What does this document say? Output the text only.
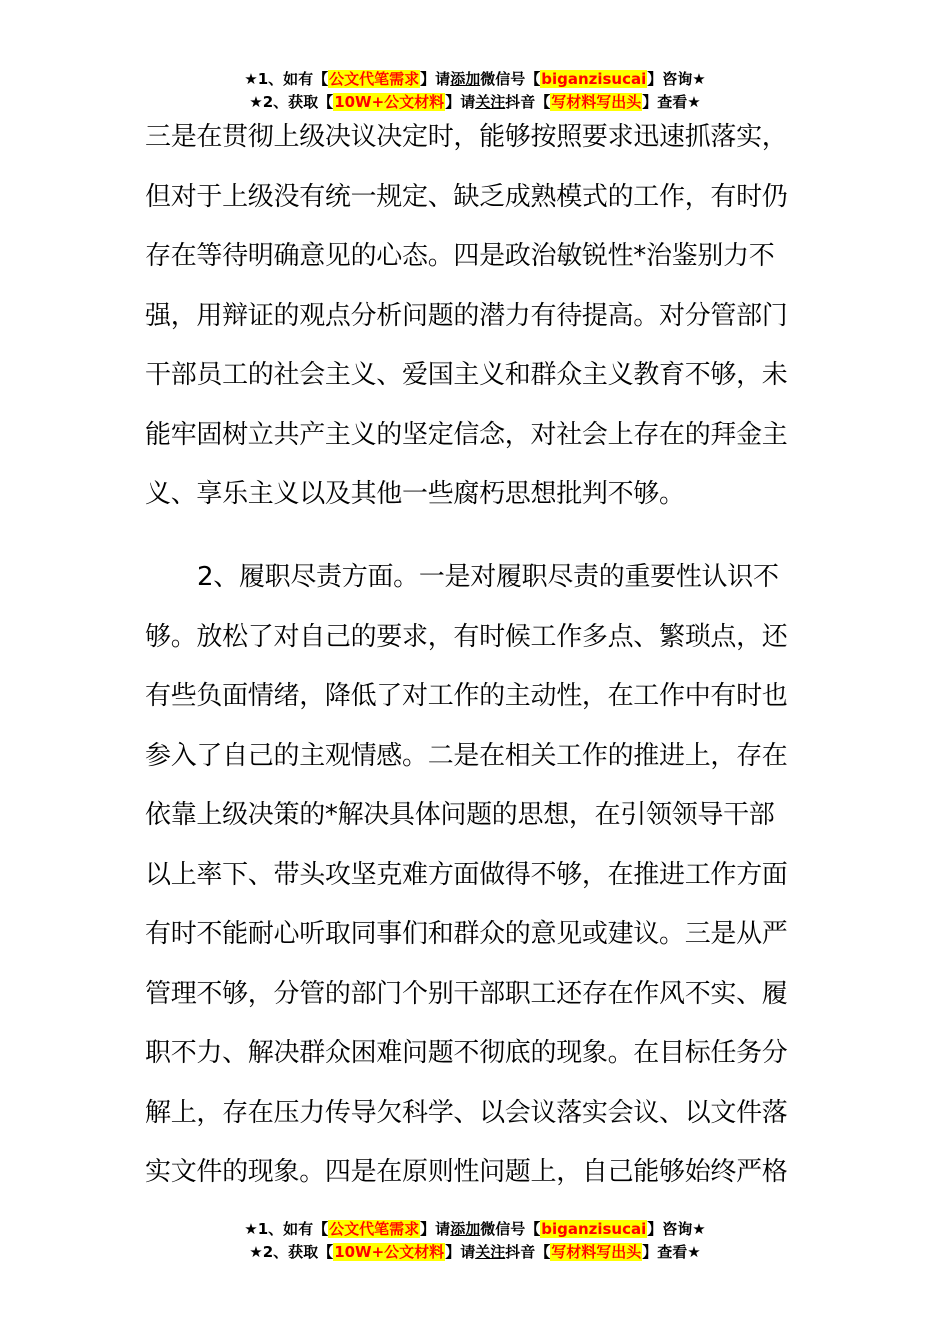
★1、如有【公文代笔需求】请添加微信号【biganzisucai】咨询★
★2、获取【10W+公文材料】请关注抖音【写材料写出头】查看★
三是在贯彻上级决议决定时，能够按照要求迅速抓落实，
但对于上级没有统一规定、缺乏成熟模式的工作，有时仍
存在等待明确意见的心态。四是政治敏锐性*治鉴别力不
强，用辩证的观点分析问题的潜力有待提高。对分管部门
干部员工的社会主义、爱国主义和群众主义教育不够，未
能牢固树立共产主义的坚定信念，对社会上存在的拜金主
义、享乐主义以及其他一些腐朽思想批判不够。
2、履职尽责方面。一是对履职尽责的重要性认识不
够。放松了对自己的要求，有时候工作多点、繁琐点，还
有些负面情绪，降低了对工作的主动性，在工作中有时也
参入了自己的主观情感。二是在相关工作的推进上，存在
依靠上级决策的*解决具体问题的思想，在引领领导干部
以上率下、带头攻坚克难方面做得不够，在推进工作方面
有时不能耐心听取同事们和群众的意见或建议。三是从严
管理不够，分管的部门个别干部职工还存在作风不实、履
职不力、解决群众困难问题不彻底的现象。在目标任务分
解上，存在压力传导欠科学、以会议落实会议、以文件落
实文件的现象。四是在原则性问题上，自己能够始终严格
★1、如有【公文代笔需求】请添加微信号【biganzisucai】咨询★
★2、获取【10W+公文材料】请关注抖音【写材料写出头】查看★
